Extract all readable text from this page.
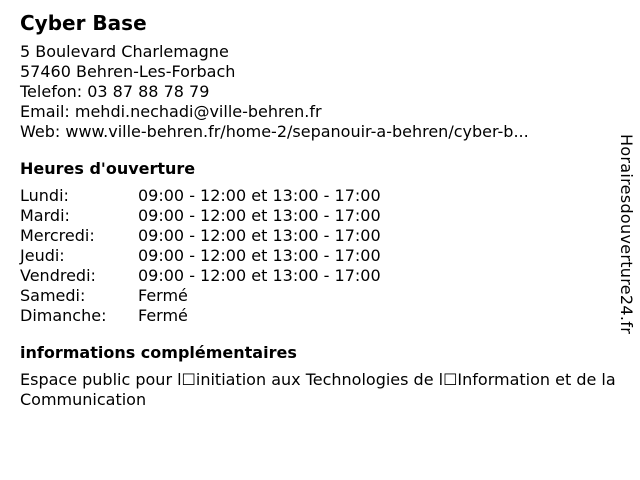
Cyber Base
5 Boulevard Charlemagne
57460 Behren-Les-Forbach
Telefon: 03 87 88 78 79
Email: mehdi.nechadi@ville-behren.fr
Web: www.ville-behren.fr/home-2/sepanouir-a-behren/cyber-b...
Heures d'ouverture
Lundi:	09:00 - 12:00 et 13:00 - 17:00
Mardi:	09:00 - 12:00 et 13:00 - 17:00
Mercredi:	09:00 - 12:00 et 13:00 - 17:00
Jeudi:	09:00 - 12:00 et 13:00 - 17:00
Vendredi:	09:00 - 12:00 et 13:00 - 17:00
Samedi:	Fermé
Dimanche:	Fermé
informations complémentaires
Espace public pour l☐initiation aux Technologies de l☐Information et de la Communication
Horairesdouverture24.fr
